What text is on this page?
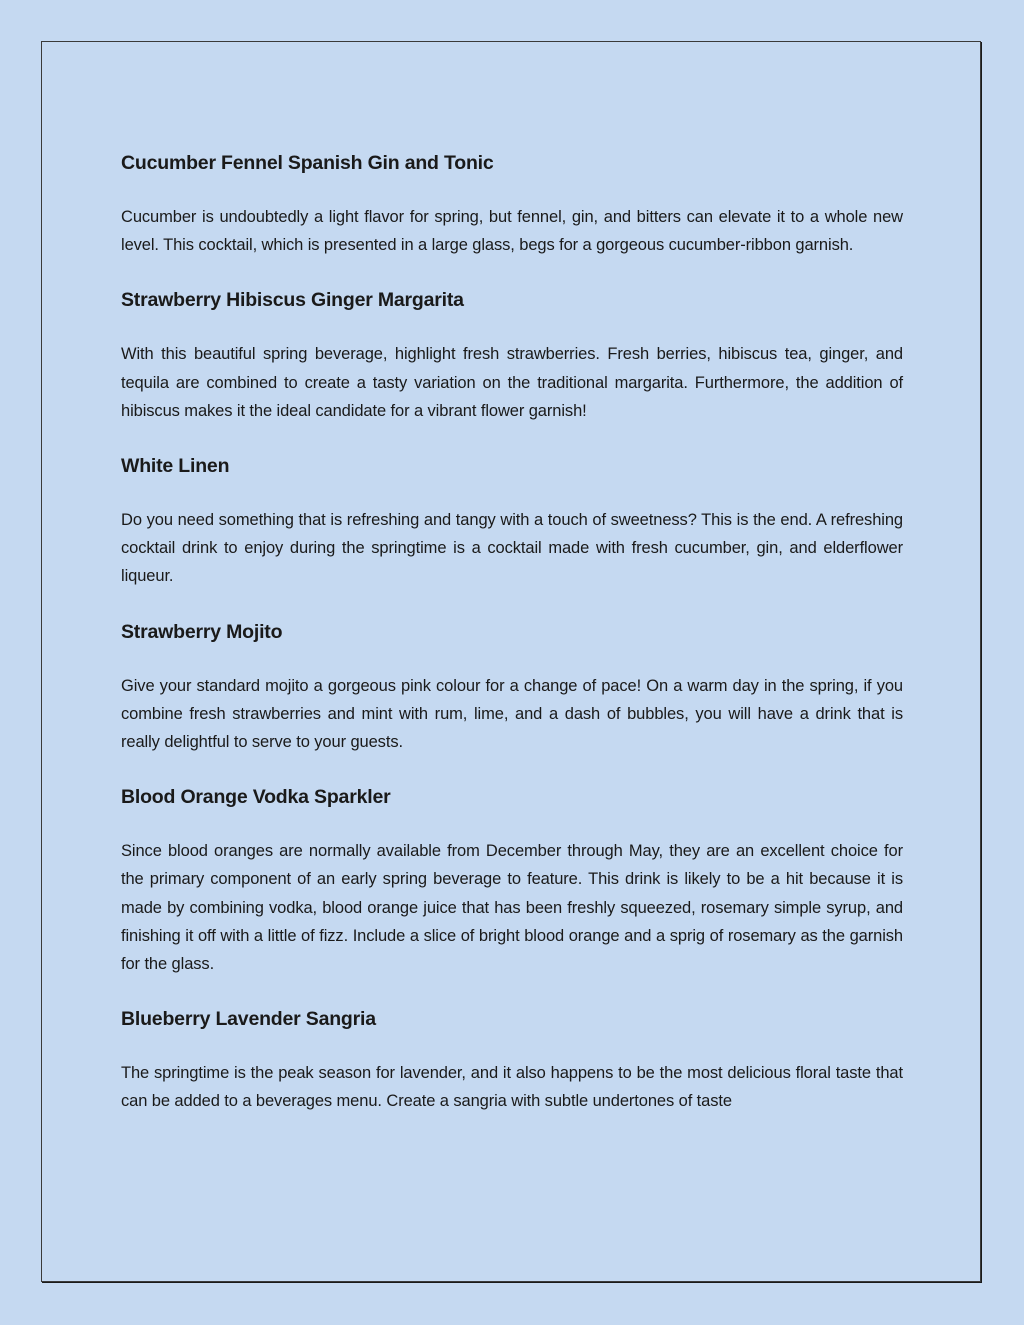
Cucumber Fennel Spanish Gin and Tonic

Cucumber is undoubtedly a light flavor for spring, but fennel, gin, and bitters can elevate it to a whole new level. This cocktail, which is presented in a large glass, begs for a gorgeous cucumber-ribbon garnish.

Strawberry Hibiscus Ginger Margarita

With this beautiful spring beverage, highlight fresh strawberries. Fresh berries, hibiscus tea, ginger, and tequila are combined to create a tasty variation on the traditional margarita. Furthermore, the addition of hibiscus makes it the ideal candidate for a vibrant flower garnish!

White Linen

Do you need something that is refreshing and tangy with a touch of sweetness? This is the end. A refreshing cocktail drink to enjoy during the springtime is a cocktail made with fresh cucumber, gin, and elderflower liqueur.

Strawberry Mojito

Give your standard mojito a gorgeous pink colour for a change of pace! On a warm day in the spring, if you combine fresh strawberries and mint with rum, lime, and a dash of bubbles, you will have a drink that is really delightful to serve to your guests.

Blood Orange Vodka Sparkler

Since blood oranges are normally available from December through May, they are an excellent choice for the primary component of an early spring beverage to feature. This drink is likely to be a hit because it is made by combining vodka, blood orange juice that has been freshly squeezed, rosemary simple syrup, and finishing it off with a little of fizz. Include a slice of bright blood orange and a sprig of rosemary as the garnish for the glass.

Blueberry Lavender Sangria

The springtime is the peak season for lavender, and it also happens to be the most delicious floral taste that can be added to a beverages menu. Create a sangria with subtle undertones of taste
